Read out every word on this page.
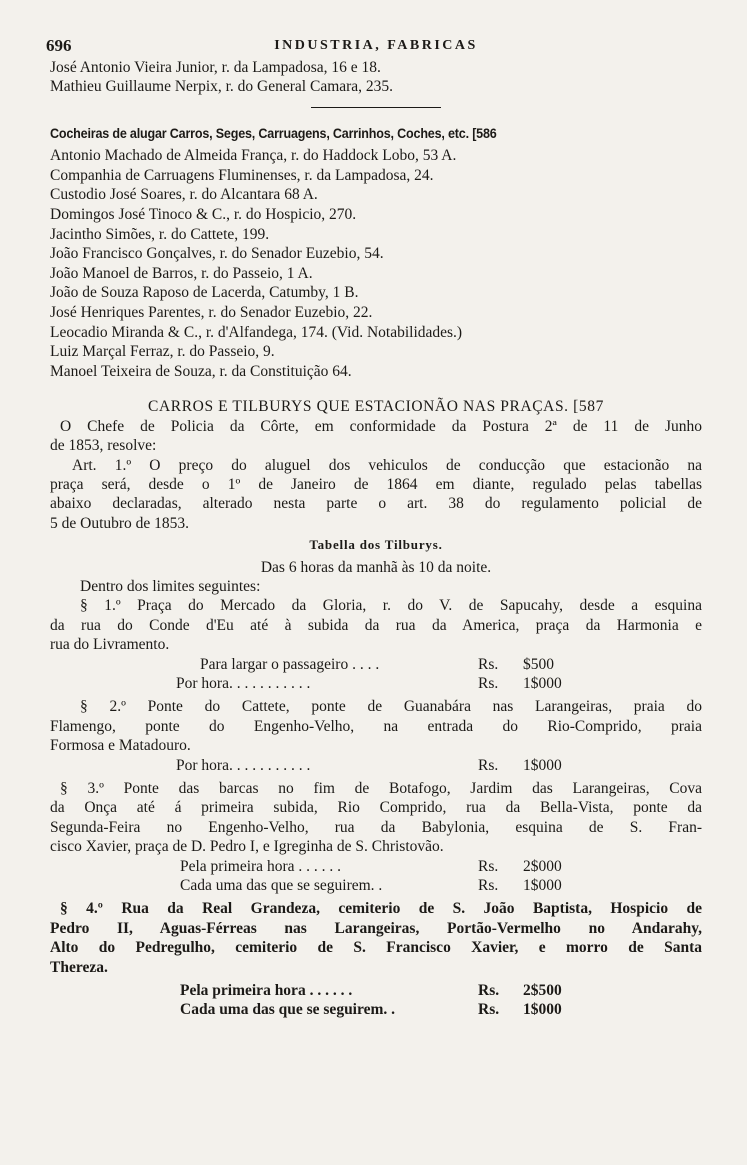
696	INDUSTRIA, FABRICAS
José Antonio Vieira Junior, r. da Lampadosa, 16 e 18.
Mathieu Guillaume Nerpix, r. do General Camara, 235.
Cocheiras de alugar Carros, Seges, Carruagens, Carrinhos, Coches, etc. [586
Antonio Machado de Almeida França, r. do Haddock Lobo, 53 A.
Companhia de Carruagens Fluminenses, r. da Lampadosa, 24.
Custodio José Soares, r. do Alcantara 68 A.
Domingos José Tinoco & C., r. do Hospicio, 270.
Jacintho Simões, r. do Cattete, 199.
João Francisco Gonçalves, r. do Senador Euzebio, 54.
João Manoel de Barros, r. do Passeio, 1 A.
João de Souza Raposo de Lacerda, Catumby, 1 B.
José Henriques Parentes, r. do Senador Euzebio, 22.
Leocadio Miranda & C., r. d'Alfandega, 174. (Vid. Notabilidades.)
Luiz Marçal Ferraz, r. do Passeio, 9.
Manoel Teixeira de Souza, r. da Constituição 64.
CARROS E TILBURYS QUE ESTACIONÃO NAS PRAÇAS. [587
O Chefe de Policia da Côrte, em conformidade da Postura 2ª de 11 de Junho
de 1853, resolve:
Art. 1.º O preço do aluguel dos vehiculos de conducção que estacionão na
praça será, desde o 1º de Janeiro de 1864 em diante, regulado pelas tabellas
abaixo declaradas, alterado nesta parte o art. 38 do regulamento policial de
5 de Outubro de 1853.
Tabella dos Tilburys.
Das 6 horas da manhã às 10 da noite.
Dentro dos limites seguintes:
§ 1.º Praça do Mercado da Gloria, r. do V. de Sapucahy, desde a esquina
da rua do Conde d'Eu até à subida da rua da America, praça da Harmonia e
rua do Livramento.
Para largar o passageiro . . . .	Rs. $500
Por hora. . . . . . . . . . .	Rs. 1$000
§ 2.º Ponte do Cattete, ponte de Guanabára nas Larangeiras, praia do
Flamengo, ponte do Engenho-Velho, na entrada do Rio-Comprido, praia
Formosa e Matadouro.
Por hora. . . . . . . . . . .	Rs. 1$000
§ 3.º Ponte das barcas no fim de Botafogo, Jardim das Larangeiras, Cova
da Onça até á primeira subida, Rio Comprido, rua da Bella-Vista, ponte da
Segunda-Feira no Engenho-Velho, rua da Babylonia, esquina de S. Fran-
cisco Xavier, praça de D. Pedro I, e Igreginha de S. Christovão.
Pela primeira hora . . . . . .	Rs. 2$000
Cada uma das que se seguirem. .	Rs. 1$000
§ 4.º Rua da Real Grandeza, cemiterio de S. João Baptista, Hospicio de
Pedro II, Aguas-Férreas nas Larangeiras, Portão-Vermelho no Andarahy,
Alto do Pedregulho, cemiterio de S. Francisco Xavier, e morro de Santa
Thereza.
Pela primeira hora . . . . . .	Rs. 2$500
Cada uma das que se seguirem. .	Rs. 1$000
